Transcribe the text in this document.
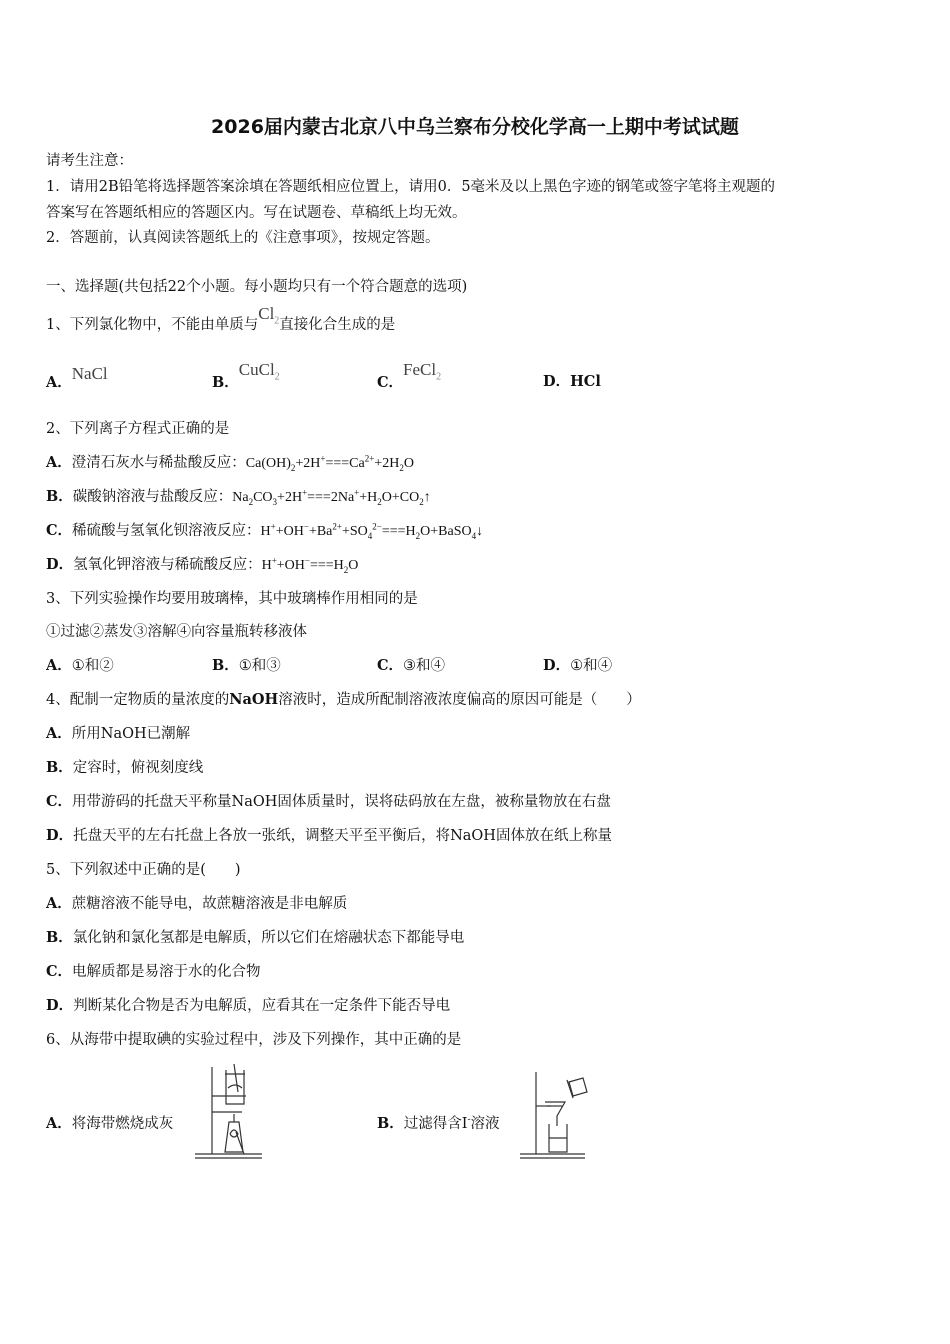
2026届内蒙古北京八中乌兰察布分校化学高一上期中考试试题
请考生注意：
1．请用2B铅笔将选择题答案涂填在答题纸相应位置上，请用0．5毫米及以上黑色字迹的钢笔或签字笔将主观题的
答案写在答题纸相应的答题区内。写在试题卷、草稿纸上均无效。
2．答题前，认真阅读答题纸上的《注意事项》，按规定答题。
一、选择题(共包括22个小题。每小题均只有一个符合题意的选项)
1、下列氯化物中，不能由单质与$Cl_2$直接化合生成的是
A．NaCl	B．CuCl$_2$	C．FeCl$_2$	D．HCl
2、下列离子方程式正确的是
A．澄清石灰水与稀盐酸反应：$Ca(OH)_2+2H^+===Ca^{2+}+2H_2O$
B．碳酸钠溶液与盐酸反应：$Na_2CO_3+2H^+===2Na^++H_2O+CO_2↑$
C．稀硫酸与氢氧化钡溶液反应：$H^++OH^-+Ba^{2+}+SO_4^{2-}===H_2O+BaSO_4↓$
D．氢氧化钾溶液与稀硫酸反应：$H^++OH^-===H_2O$
3、下列实验操作均要用玻璃棒，其中玻璃棒作用相同的是
①过滤②蒸发③溶解④向容量瓶转移液体
A．①和②	B．①和③	C．③和④	D．①和④
4、配制一定物质的量浓度的NaOH溶液时，造成所配制溶液浓度偏高的原因可能是（　　）
A．所用NaOH已潮解
B．定容时，俯视刻度线
C．用带游码的托盘天平称量NaOH固体质量时，误将砝码放在左盘，被称量物放在右盘
D．托盘天平的左右托盘上各放一张纸，调整天平至平衡后，将NaOH固体放在纸上称量
5、下列叙述中正确的是(　　)
A．蔗糖溶液不能导电，故蔗糖溶液是非电解质
B．氯化钠和氯化氢都是电解质，所以它们在熔融状态下都能导电
C．电解质都是易溶于水的化合物
D．判断某化合物是否为电解质，应看其在一定条件下能否导电
6、从海带中提取碘的实验过程中，涉及下列操作，其中正确的是
A．将海带燃烧成灰	B．过滤得含I-溶液
